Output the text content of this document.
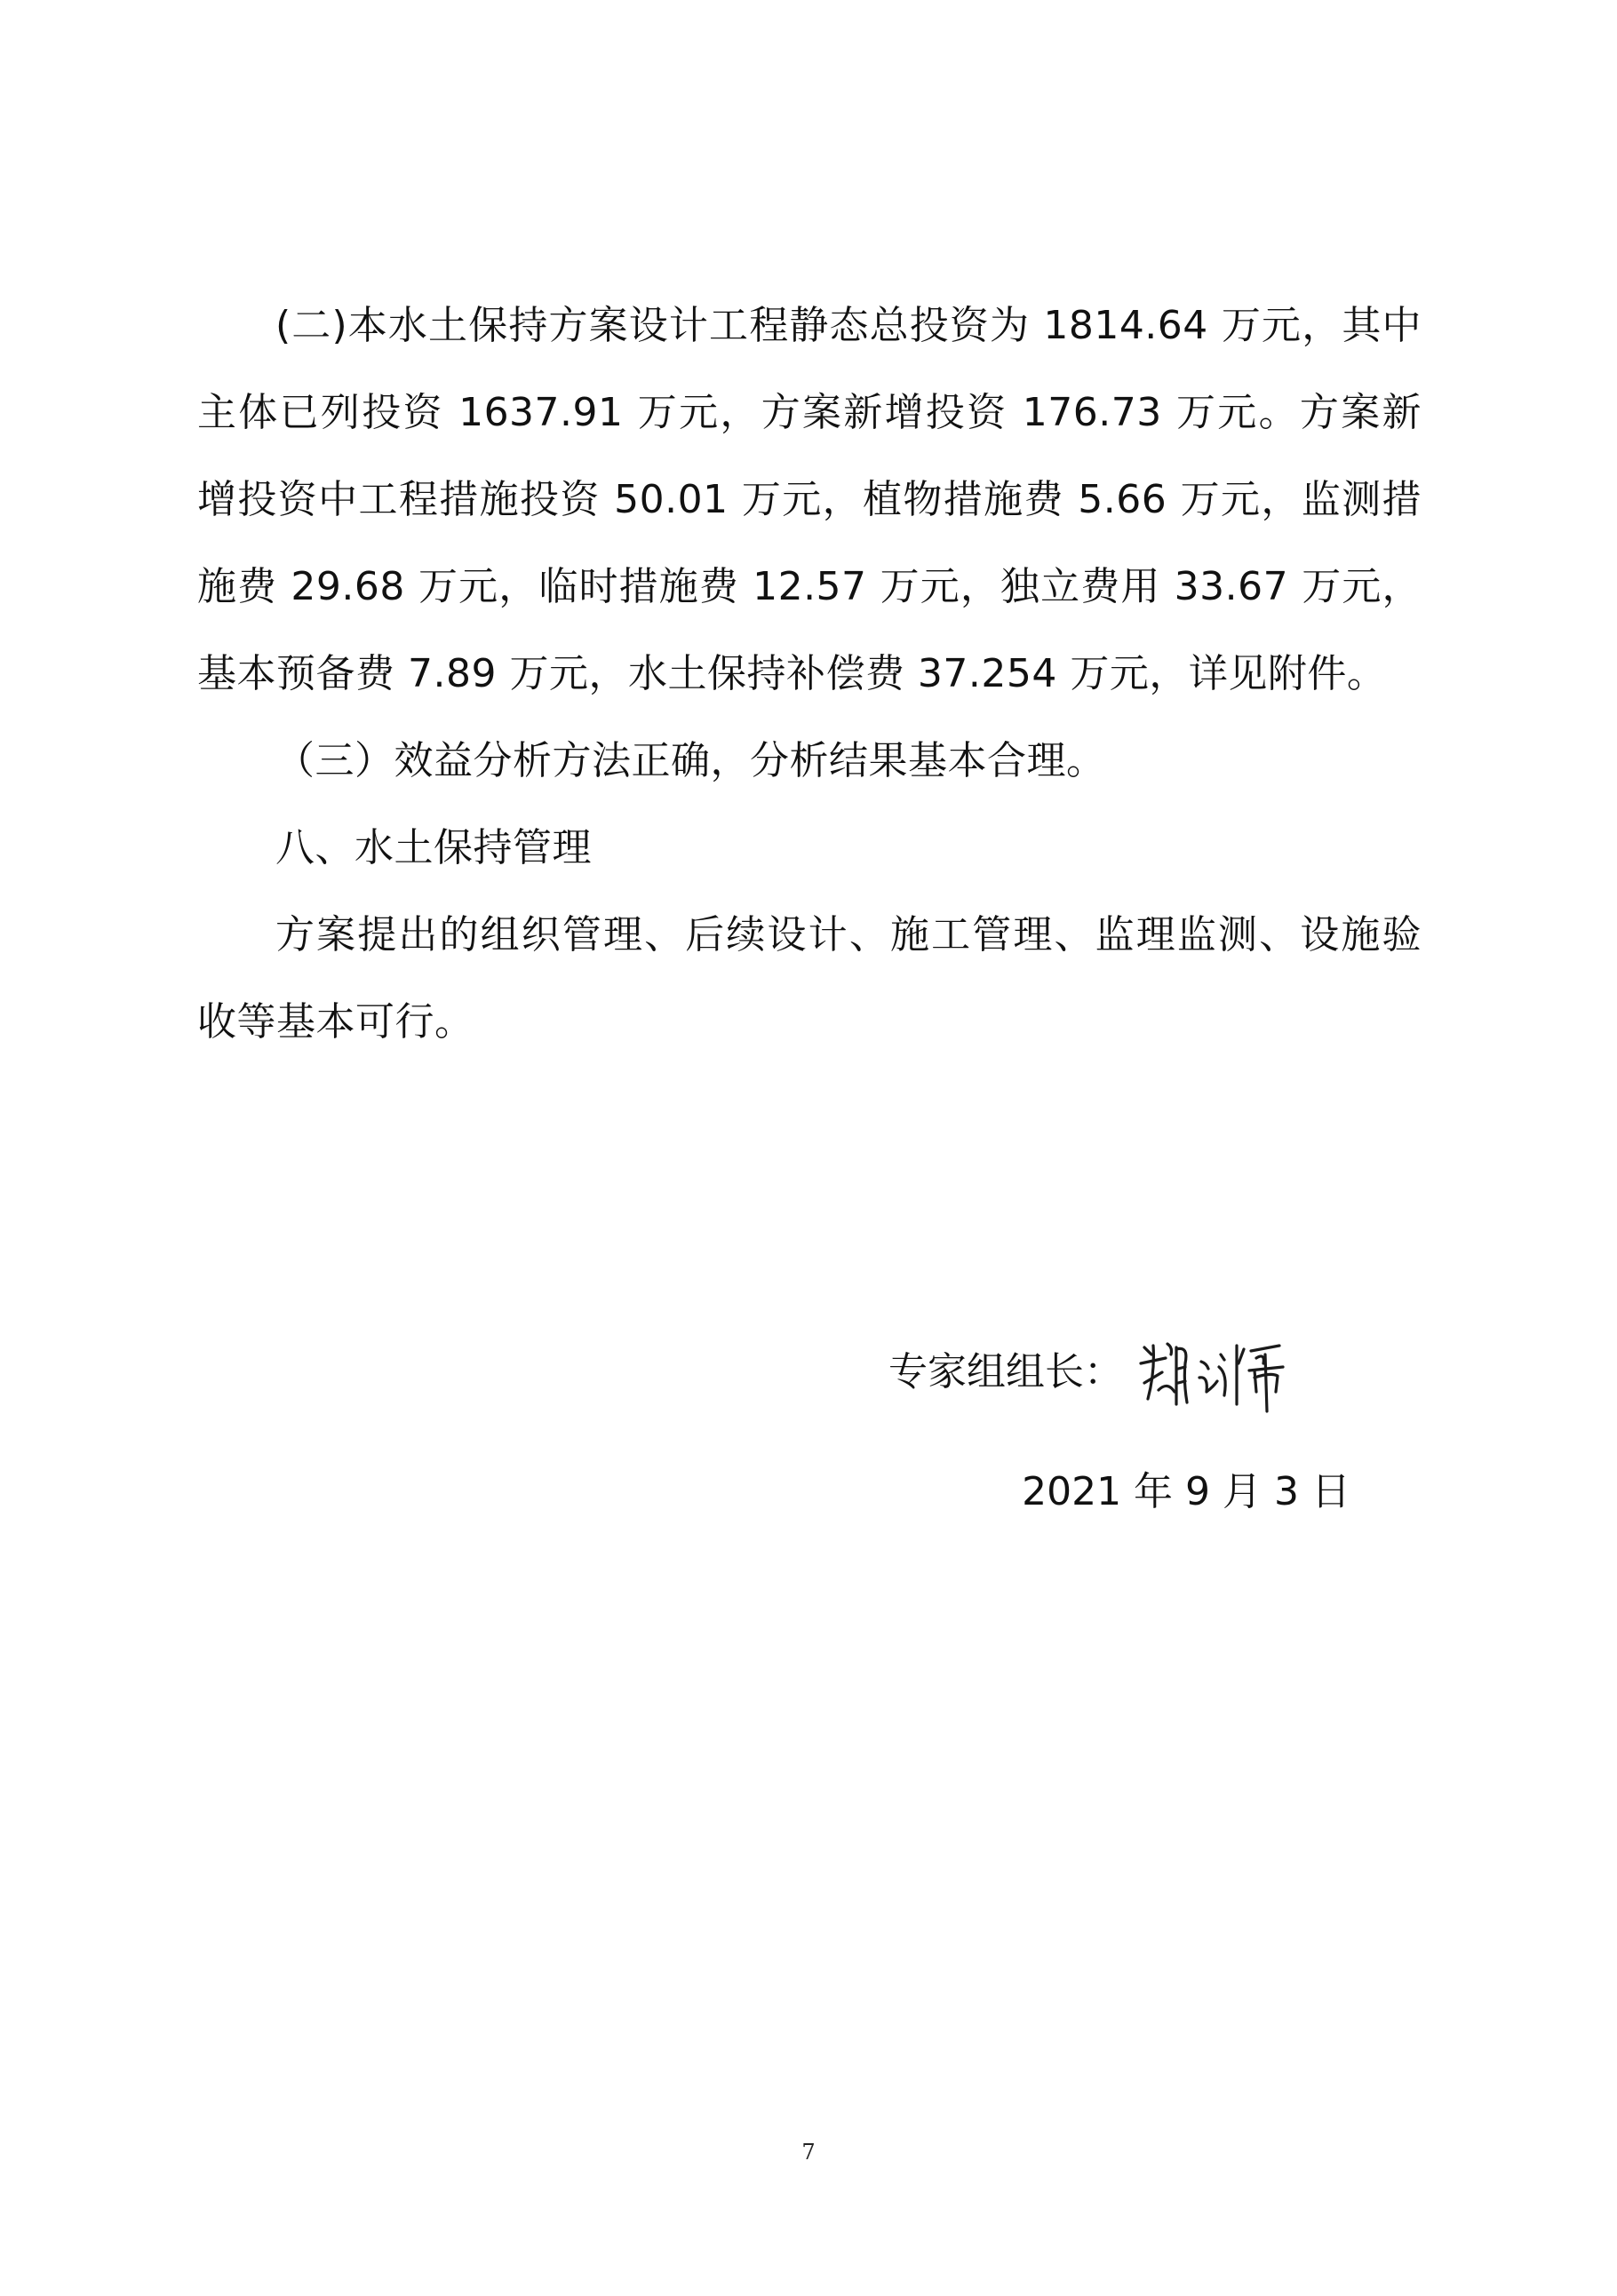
(二)本水土保持方案设计工程静态总投资为 1814.64 万元，其中主体已列投资 1637.91 万元，方案新增投资 176.73 万元。方案新增投资中工程措施投资 50.01 万元，植物措施费 5.66 万元，监测措施费 29.68 万元，临时措施费 12.57 万元，独立费用 33.67 万元，基本预备费 7.89 万元，水土保持补偿费 37.254 万元，详见附件。

（三）效益分析方法正确，分析结果基本合理。

八、水土保持管理

方案提出的组织管理、后续设计、施工管理、监理监测、设施验收等基本可行。

专家组组长：
2021 年 9 月 3 日
7
